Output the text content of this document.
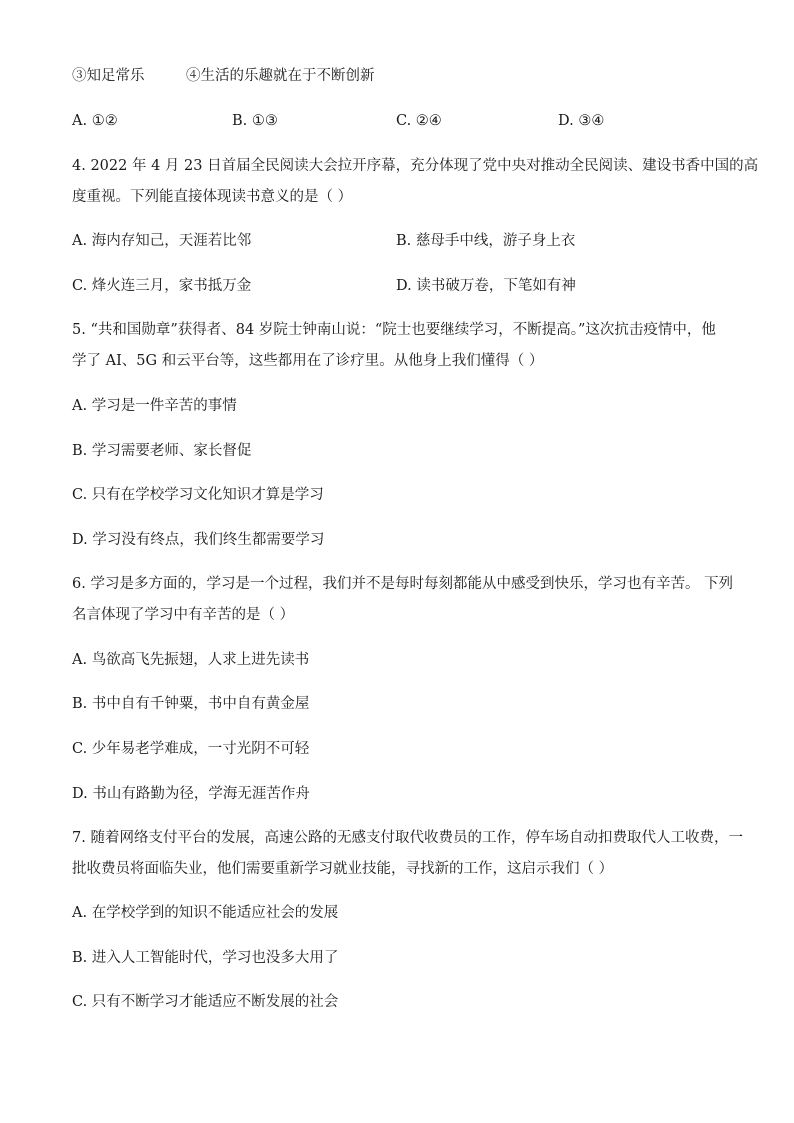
③知足常乐	④生活的乐趣就在于不断创新
A. ①②	B. ①③	C. ②④	D. ③④
4. 2022 年 4 月 23 日首届全民阅读大会拉开序幕，充分体现了党中央对推动全民阅读、建设书香中国的高
度重视。下列能直接体现读书意义的是（ ）
A. 海内存知己，天涯若比邻	B. 慈母手中线，游子身上衣
C. 烽火连三月，家书抵万金	D. 读书破万卷，下笔如有神
5. “共和国勋章”获得者、84 岁院士钟南山说：“院士也要继续学习，不断提高。”这次抗击疫情中，他
学了 AI、5G 和云平台等，这些都用在了诊疗里。从他身上我们懂得（ ）
A. 学习是一件辛苦的事情
B. 学习需要老师、家长督促
C. 只有在学校学习文化知识才算是学习
D. 学习没有终点，我们终生都需要学习
6. 学习是多方面的，学习是一个过程，我们并不是每时每刻都能从中感受到快乐，学习也有辛苦。 下列
名言体现了学习中有辛苦的是（ ）
A. 鸟欲高飞先振翅，人求上进先读书
B. 书中自有千钟粟，书中自有黄金屋
C. 少年易老学难成，一寸光阴不可轻
D. 书山有路勤为径，学海无涯苦作舟
7. 随着网络支付平台的发展，高速公路的无感支付取代收费员的工作，停车场自动扣费取代人工收费，一
批收费员将面临失业，他们需要重新学习就业技能，寻找新的工作，这启示我们（ ）
A. 在学校学到的知识不能适应社会的发展
B. 进入人工智能时代，学习也没多大用了
C. 只有不断学习才能适应不断发展的社会
